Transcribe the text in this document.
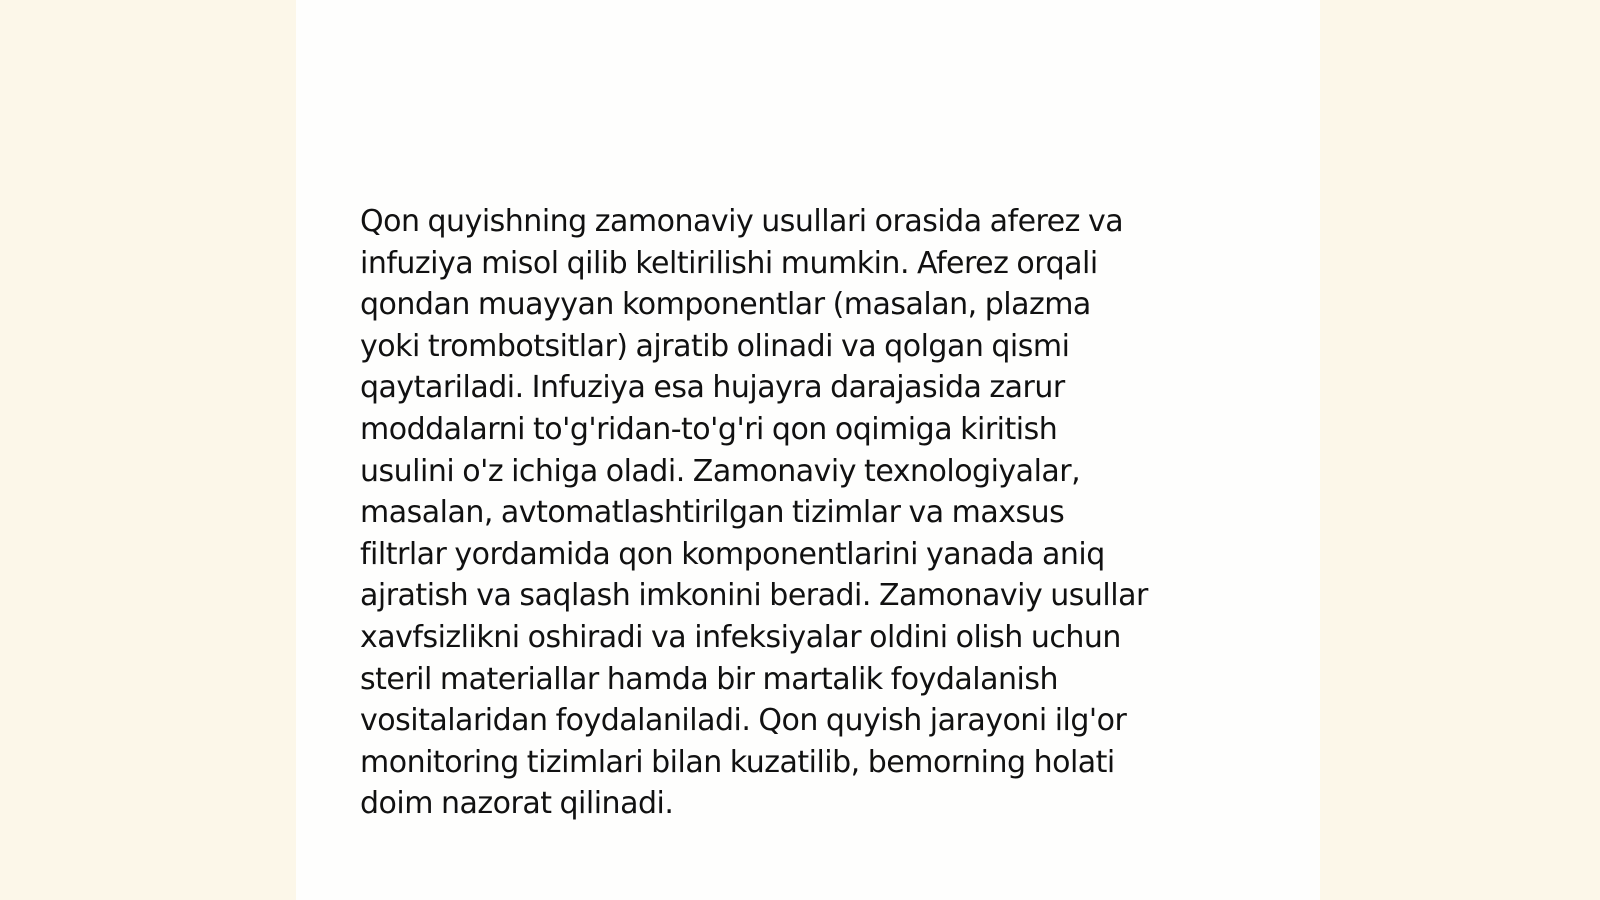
Qon quyishning zamonaviy usullari orasida aferez va
infuziya misol qilib keltirilishi mumkin. Aferez orqali
qondan muayyan komponentlar (masalan, plazma
yoki trombotsitlar) ajratib olinadi va qolgan qismi
qaytariladi. Infuziya esa hujayra darajasida zarur
moddalarni to'g'ridan-to'g'ri qon oqimiga kiritish
usulini o'z ichiga oladi. Zamonaviy texnologiyalar,
masalan, avtomatlashtirilgan tizimlar va maxsus
filtrlar yordamida qon komponentlarini yanada aniq
ajratish va saqlash imkonini beradi. Zamonaviy usullar
xavfsizlikni oshiradi va infeksiyalar oldini olish uchun
steril materiallar hamda bir martalik foydalanish
vositalaridan foydalaniladi. Qon quyish jarayoni ilg'or
monitoring tizimlari bilan kuzatilib, bemorning holati
doim nazorat qilinadi.
